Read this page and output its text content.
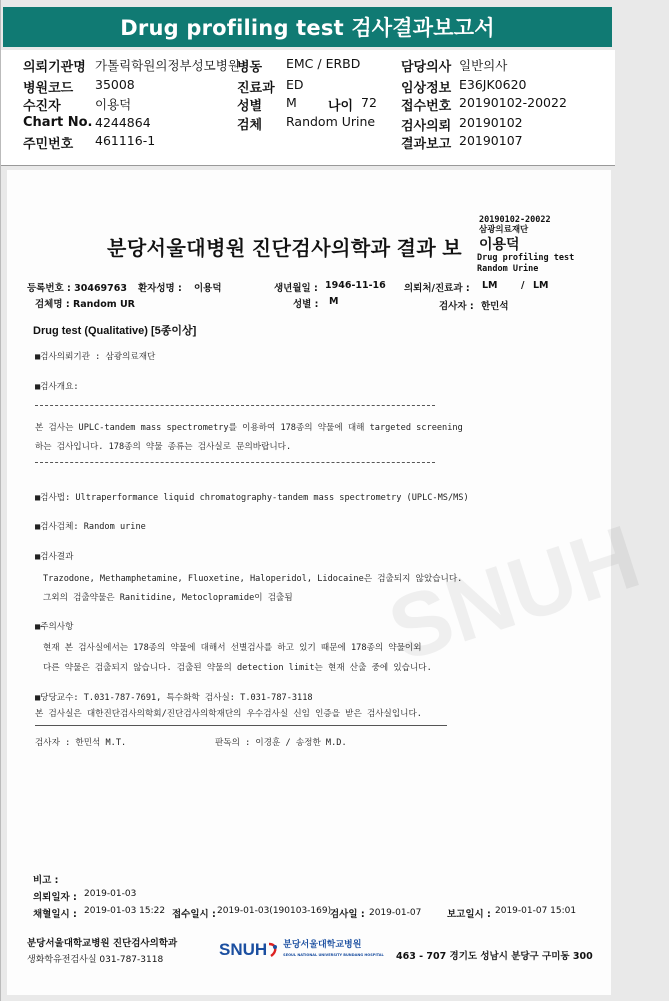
Drug profiling test 검사결과보고서
의뢰기관명 가톨릭학원의정부성모병원
병동 EMC / ERBD	담당의사 일반의사
병원코드 35008	진료과 ED	임상정보 E36JK0620
수진자	이용덕	성별 M 나이 72 접수번호 20190102-20022
Chart No. 4244864	검체 Random Urine 검사의뢰 20190102
주민번호 461116-1	결과보고 20190107
SNUH
분당서울대병원 진단검사의학과 결과 보
20190102-20022
삼광의료재단
이용덕
Drug profiling test
Random Urine
등록번호 : 30469763 환자성명 : 이용덕	생년월일 : 1946-11-16 의뢰처/진료과 : LM / LM
검체명 : Random UR	성별 : M	검사자 : 한민석
Drug test (Qualitative) [5종이상]
■검사의뢰기관 : 삼광의료재단
■검사개요:
본 검사는 UPLC-tandem mass spectrometry를 이용하여 178종의 약물에 대해 targeted screening
하는 검사입니다. 178종의 약물 종류는 검사실로 문의바랍니다.
■검사법: Ultraperformance liquid chromatography-tandem mass spectrometry (UPLC-MS/MS)
■검사검체: Random urine
■검사결과
Trazodone, Methamphetamine, Fluoxetine, Haloperidol, Lidocaine은 검출되지 않았습니다.
그외의 검출약물은 Ranitidine, Metoclopramide이 검출됨
■주의사항
현재 본 검사실에서는 178종의 약물에 대해서 선별검사를 하고 있기 때문에 178종의 약물이외
다른 약물은 검출되지 않습니다. 검출된 약물의 detection limit는 현재 산출 중에 있습니다.
■당당교수: T.031-787-7691, 특수화학 검사실: T.031-787-3118
본 검사실은 대한진단검사의학회/진단검사의학재단의 우수검사실 신임 인증을 받은 검사실입니다.
검사자 : 한민석 M.T.	판독의 : 이경훈 / 송정한 M.D.
비고 :
의뢰일자 : 2019-01-03
채혈일시 : 2019-01-03 15:22 접수일시 : 2019-01-03(190103-169)
검사일 : 2019-01-07	보고일시 : 2019-01-07 15:01
분당서울대학교병원 진단검사의학과
생화학유전검사실 031-787-3118
SNUH 분당서울대학교병원
SEOUL NATIONAL UNIVERSITY BUNDANG HOSPITAL 463 - 707 경기도 성남시 분당구 구미동 300
